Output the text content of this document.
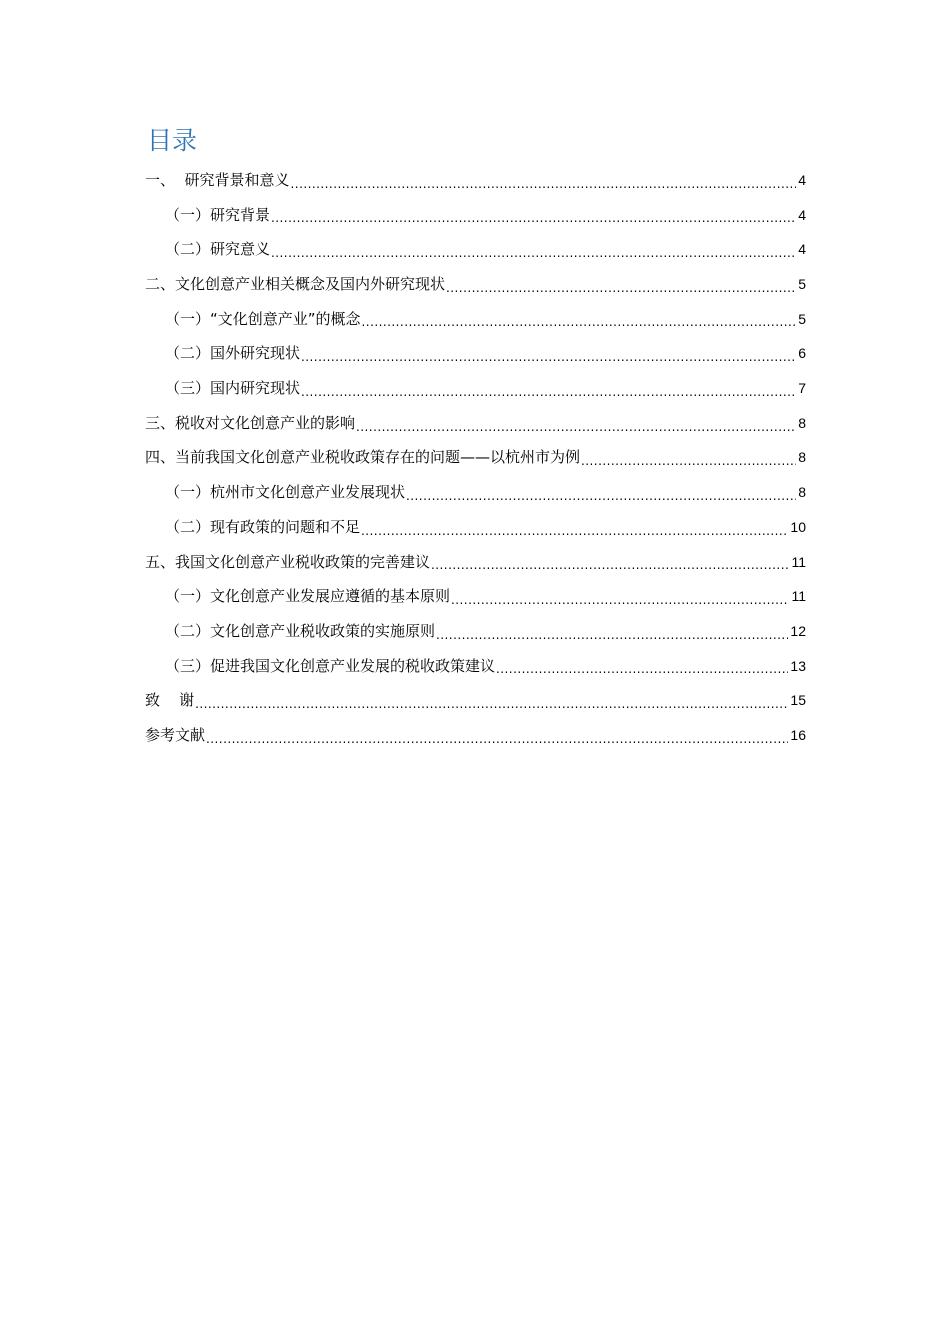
目录
一、  研究背景和意义 .....	4
（一）研究背景 .....	4
（二）研究意义 .....	4
二、文化创意产业相关概念及国内外研究现状 .....	5
（一）“文化创意产业”的概念 .....	5
（二）国外研究现状 .....	6
（三）国内研究现状 .....	7
三、税收对文化创意产业的影响 .....	8
四、当前我国文化创意产业税收政策存在的问题——以杭州市为例 .....	8
（一）杭州市文化创意产业发展现状 .....	8
（二）现有政策的问题和不足 .....	10
五、我国文化创意产业税收政策的完善建议 .....	11
（一）文化创意产业发展应遵循的基本原则 .....	11
（二）文化创意产业税收政策的实施原则 .....	12
（三）促进我国文化创意产业发展的税收政策建议 .....	13
致    谢 .....	15
参考文献 .....	16
